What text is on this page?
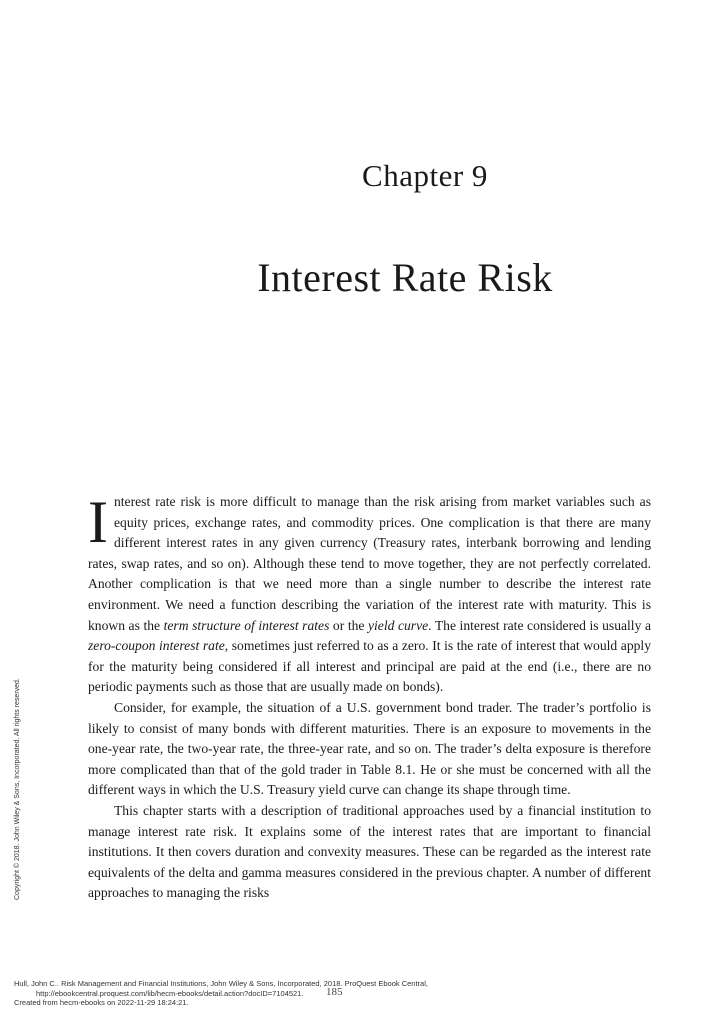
Chapter 9
Interest Rate Risk

Interest rate risk is more difficult to manage than the risk arising from market variables such as equity prices, exchange rates, and commodity prices. One complication is that there are many different interest rates in any given currency (Treasury rates, interbank borrowing and lending rates, swap rates, and so on). Although these tend to move together, they are not perfectly correlated. Another complication is that we need more than a single number to describe the interest rate environment. We need a function describing the variation of the interest rate with maturity. This is known as the term structure of interest rates or the yield curve. The interest rate considered is usually a zero-coupon interest rate, sometimes just referred to as a zero. It is the rate of interest that would apply for the maturity being considered if all interest and principal are paid at the end (i.e., there are no periodic payments such as those that are usually made on bonds).

Consider, for example, the situation of a U.S. government bond trader. The trader’s portfolio is likely to consist of many bonds with different maturities. There is an exposure to movements in the one-year rate, the two-year rate, the three-year rate, and so on. The trader’s delta exposure is therefore more complicated than that of the gold trader in Table 8.1. He or she must be concerned with all the different ways in which the U.S. Treasury yield curve can change its shape through time.

This chapter starts with a description of traditional approaches used by a financial institution to manage interest rate risk. It explains some of the interest rates that are important to financial institutions. It then covers duration and convexity measures. These can be regarded as the interest rate equivalents of the delta and gamma measures considered in the previous chapter. A number of different approaches to managing the risks

Copyright © 2018. John Wiley & Sons, Incorporated. All rights reserved.
185
Hull, John C.. Risk Management and Financial Institutions, John Wiley & Sons, Incorporated, 2018. ProQuest Ebook Central,
http://ebookcentral.proquest.com/lib/hecm-ebooks/detail.action?docID=7104521.
Created from hecm-ebooks on 2022-11-29 18:24:21.
